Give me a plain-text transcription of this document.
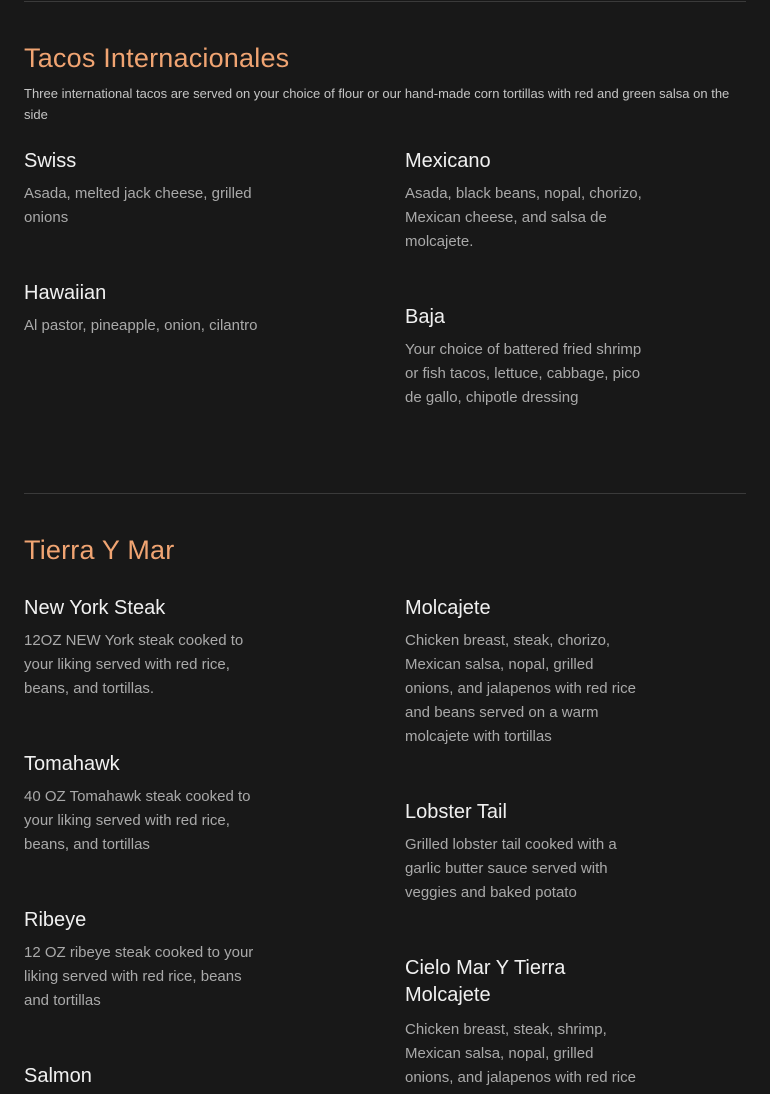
Tacos Internacionales

Three international tacos are served on your choice of flour or our hand-made corn tortillas with red and green salsa on the side

Swiss

Asada, melted jack cheese, grilled onions

Mexicano

Asada, black beans, nopal, chorizo, Mexican cheese, and salsa de molcajete.

Hawaiian

Al pastor, pineapple, onion, cilantro	Baja

Your choice of battered fried shrimp or fish tacos, lettuce, cabbage, pico de gallo, chipotle dressing

Tierra Y Mar
New York Steak

12OZ NEW York steak cooked to your liking served with red rice, beans, and tortillas.

Molcajete

Chicken breast, steak, chorizo, Mexican salsa, nopal, grilled onions, and jalapenos with red rice and beans served on a warm molcajete with tortillas

Tomahawk

40 OZ Tomahawk steak cooked to your liking served with red rice, beans, and tortillas

Lobster Tail

Grilled lobster tail cooked with a garlic butter sauce served with veggies and baked potato

Ribeye

12 OZ ribeye steak cooked to your liking served with red rice, beans and tortillas

Cielo Mar Y Tierra Molcajete

Chicken breast, steak, shrimp, Mexican salsa, nopal, grilled onions, and jalapenos with red rice

Salmon
